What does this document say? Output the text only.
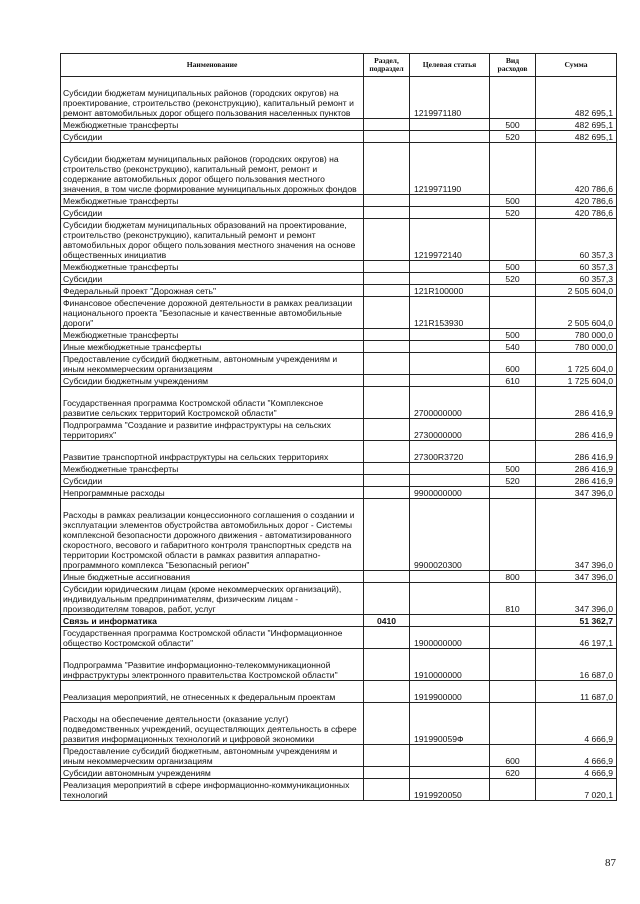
Наименование	Раздел, подраздел	Целевая статья	Вид расходов	Сумма
Субсидии бюджетам муниципальных районов (городских округов) на проектирование, строительство (реконструкцию), капитальный ремонт и ремонт автомобильных дорог общего пользования населенных пунктов		1219971180		482 695,1
Межбюджетные трансферты			500	482 695,1
Субсидии			520	482 695,1
Субсидии бюджетам муниципальных районов (городских округов) на строительство (реконструкцию), капитальный ремонт, ремонт и содержание автомобильных дорог общего пользования местного значения, в том числе формирование муниципальных дорожных фондов		1219971190		420 786,6
Межбюджетные трансферты			500	420 786,6
Субсидии			520	420 786,6
Субсидии бюджетам муниципальных образований на проектирование, строительство (реконструкцию), капитальный ремонт и ремонт автомобильных дорог общего пользования местного значения на основе общественных инициатив		1219972140		60 357,3
Межбюджетные трансферты			500	60 357,3
Субсидии			520	60 357,3
Федеральный проект "Дорожная сеть"		121R100000		2 505 604,0
Финансовое обеспечение дорожной деятельности в рамках реализации национального проекта "Безопасные и качественные автомобильные дороги"		121R153930		2 505 604,0
Межбюджетные трансферты			500	780 000,0
Иные межбюджетные трансферты			540	780 000,0
Предоставление субсидий бюджетным, автономным учреждениям и иным некоммерческим организациям			600	1 725 604,0
Субсидии бюджетным учреждениям			610	1 725 604,0
Государственная программа Костромской области "Комплексное развитие сельских территорий Костромской области"		2700000000		286 416,9
Подпрограмма "Создание и развитие инфраструктуры на сельских территориях"		2730000000		286 416,9
Развитие транспортной инфраструктуры на сельских территориях		27300R3720		286 416,9
Межбюджетные трансферты			500	286 416,9
Субсидии			520	286 416,9
Непрограммные расходы		9900000000		347 396,0
Расходы в рамках реализации концессионного соглашения о создании и эксплуатации элементов обустройства автомобильных дорог - Системы комплексной безопасности дорожного движения - автоматизированного скоростного, весового и габаритного контроля транспортных средств на территории Костромской области в рамках развития аппаратно-программного комплекса "Безопасный регион"		9900020300		347 396,0
Иные бюджетные ассигнования			800	347 396,0
Субсидии юридическим лицам (кроме некоммерческих организаций), индивидуальным предпринимателям, физическим лицам - производителям товаров, работ, услуг			810	347 396,0
Связь и информатика	0410			51 362,7
Государственная программа Костромской области "Информационное общество Костромской области"		1900000000		46 197,1
Подпрограмма "Развитие информационно-телекоммуникационной инфраструктуры электронного правительства Костромской области"		1910000000		16 687,0
Реализация мероприятий, не отнесенных к федеральным проектам		1919900000		11 687,0
Расходы на обеспечение деятельности (оказание услуг) подведомственных учреждений, осуществляющих деятельность в сфере развития информационных технологий и цифровой экономики		191990059Ф		4 666,9
Предоставление субсидий бюджетным, автономным учреждениям и иным некоммерческим организациям			600	4 666,9
Субсидии автономным учреждениям			620	4 666,9
Реализация мероприятий в сфере информационно-коммуникационных технологий		1919920050		7 020,1
87
